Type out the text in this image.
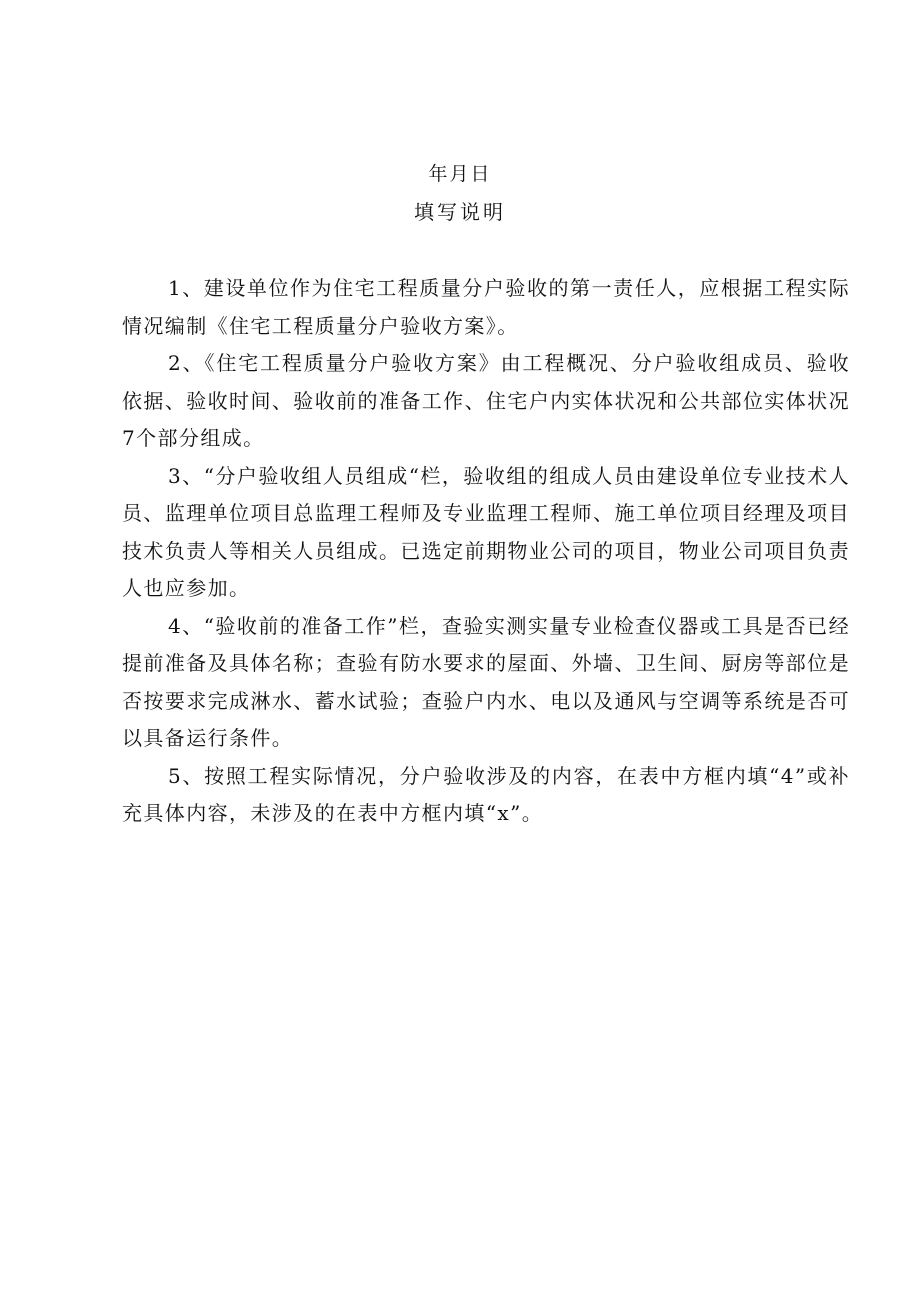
年月日
填写说明

1、建设单位作为住宅工程质量分户验收的第一责任人，应根据工程实际情况编制《住宅工程质量分户验收方案》。

2、《住宅工程质量分户验收方案》由工程概况、分户验收组成员、验收依据、验收时间、验收前的准备工作、住宅户内实体状况和公共部位实体状况7个部分组成。

3、“分户验收组人员组成“栏，验收组的组成人员由建设单位专业技术人员、监理单位项目总监理工程师及专业监理工程师、施工单位项目经理及项目技术负责人等相关人员组成。已选定前期物业公司的项目，物业公司项目负责人也应参加。

4、“验收前的准备工作”栏，查验实测实量专业检查仪器或工具是否已经提前准备及具体名称；查验有防水要求的屋面、外墙、卫生间、厨房等部位是否按要求完成淋水、蓄水试验；查验户内水、电以及通风与空调等系统是否可以具备运行条件。

5、按照工程实际情况，分户验收涉及的内容，在表中方框内填“4”或补充具体内容，未涉及的在表中方框内填“x”。
